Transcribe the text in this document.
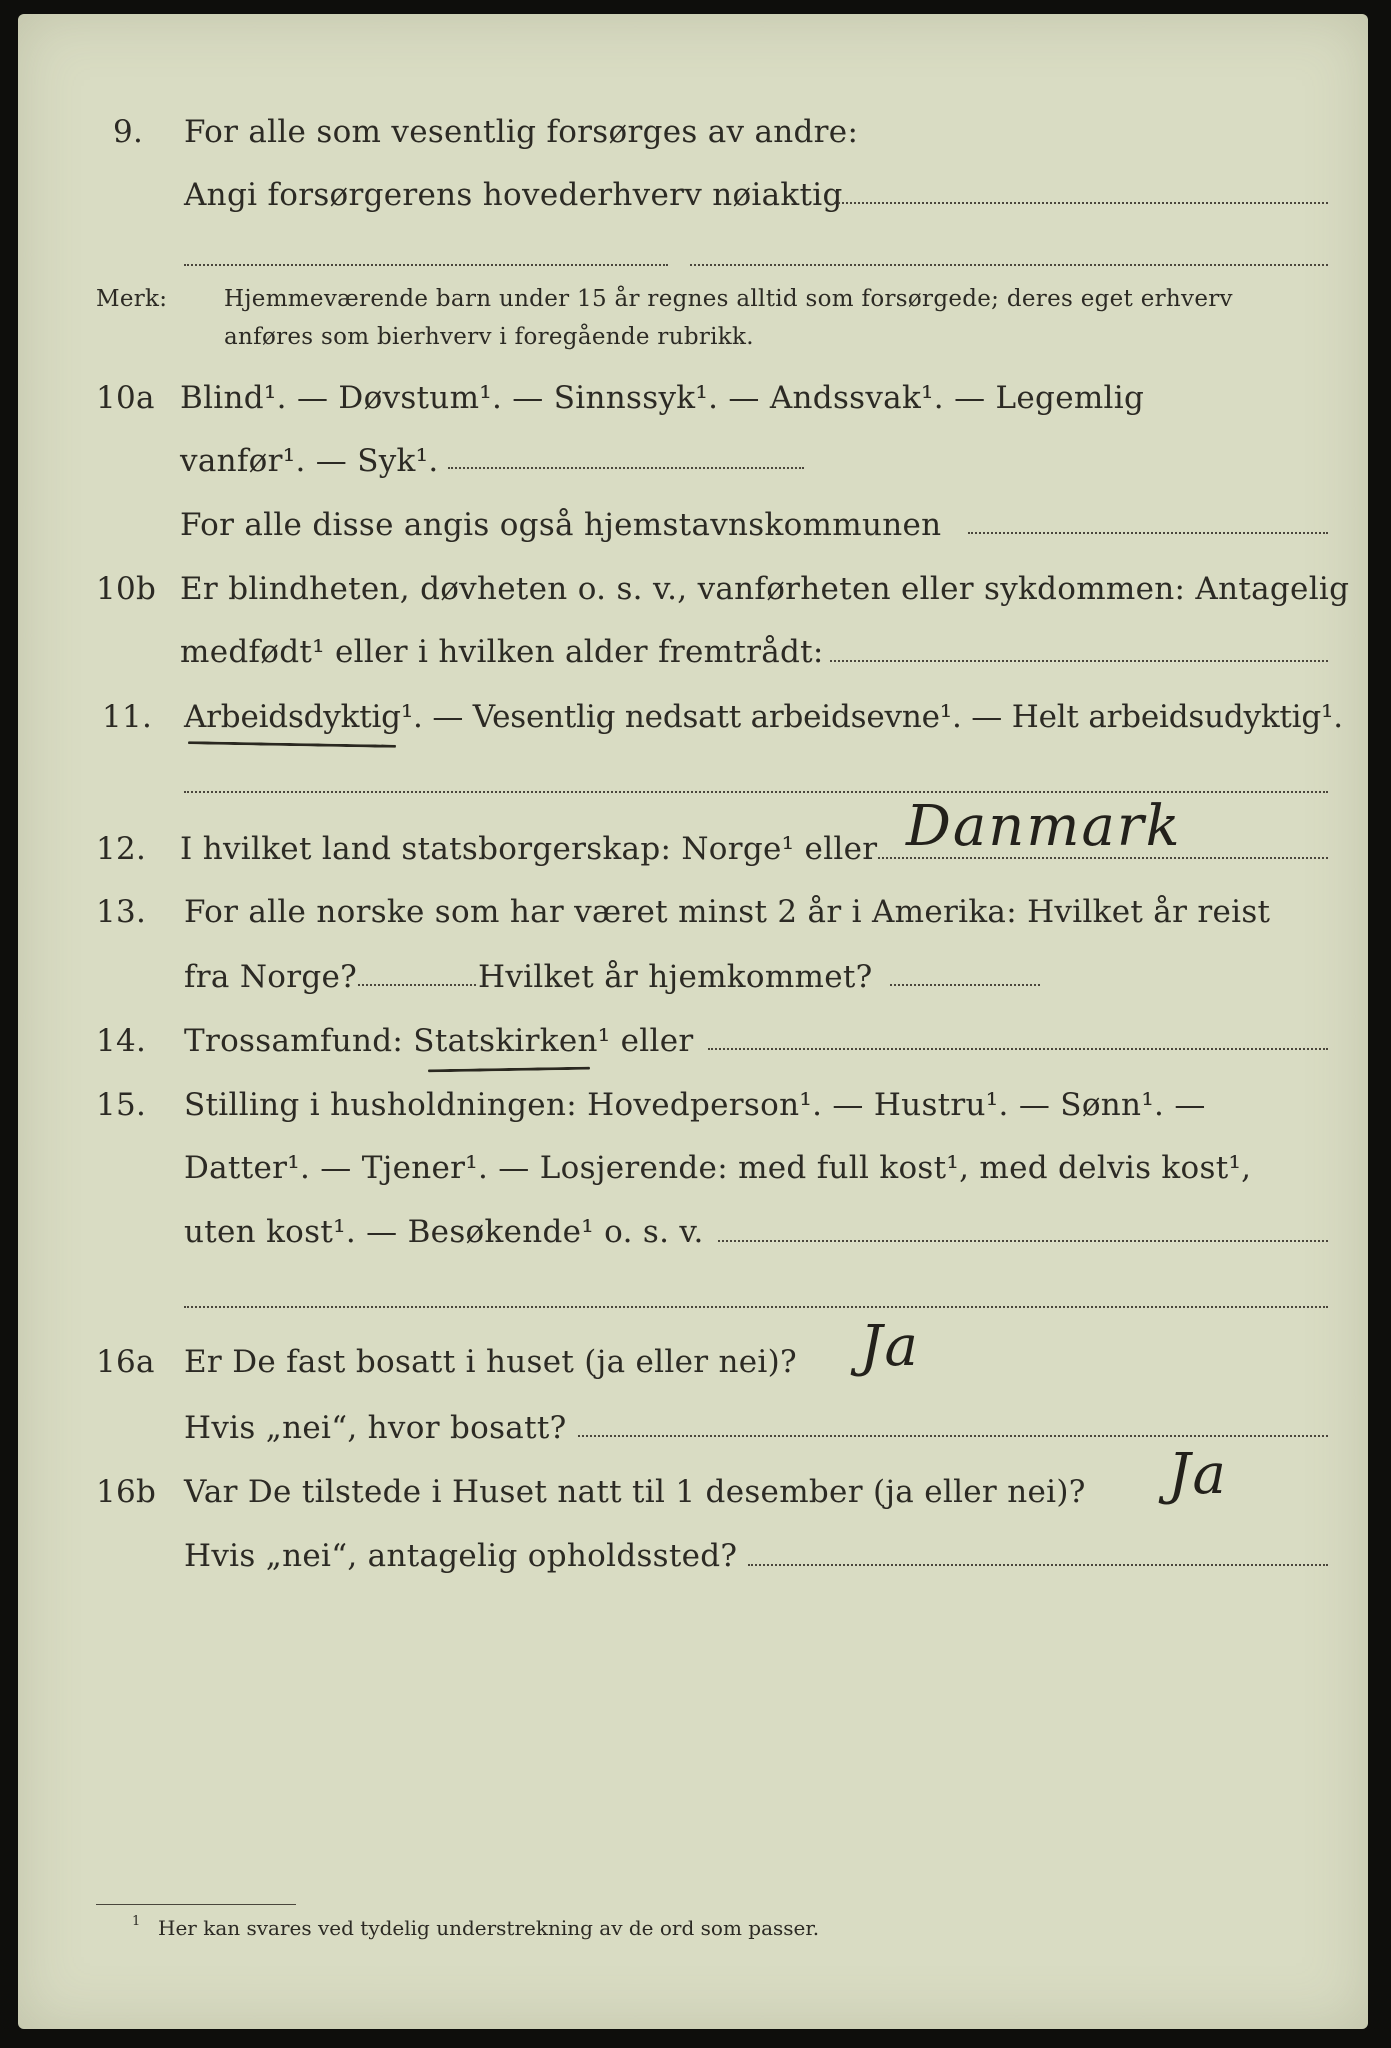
9. For alle som vesentlig forsørges av andre:
Angi forsørgerens hovederhverv nøiaktig
Merk: Hjemmeværende barn under 15 år regnes alltid som forsørgede; deres eget erhverv
anføres som bierhverv i foregående rubrikk.
10a Blind¹. — Døvstum¹. — Sinnssyk¹. — Andssvak¹. — Legemlig
vanfør¹. — Syk¹.
For alle disse angis også hjemstavnskommunen
10b Er blindheten, døvheten o. s. v., vanførheten eller sykdommen: Antagelig
medfødt¹ eller i hvilken alder fremtrådt:
11. Arbeidsdyktig¹. — Vesentlig nedsatt arbeidsevne¹. — Helt arbeidsudyktig¹.
12. I hvilket land statsborgerskap: Norge¹ eller Danmark
13. For alle norske som har været minst 2 år i Amerika: Hvilket år reist
fra Norge?	Hvilket år hjemkommet?
14. Trossamfund: Statskirken¹ eller
15. Stilling i husholdningen: Hovedperson¹. — Hustru¹. — Sønn¹. —
Datter¹. — Tjener¹. — Losjerende: med full kost¹, med delvis kost¹,
uten kost¹. — Besøkende¹ o. s. v.
16a Er De fast bosatt i huset (ja eller nei)? Ja
Hvis „nei“, hvor bosatt?
16b Var De tilstede i Huset natt til 1 desember (ja eller nei)? Ja
Hvis „nei“, antagelig opholdssted?
1 Her kan svares ved tydelig understrekning av de ord som passer.
